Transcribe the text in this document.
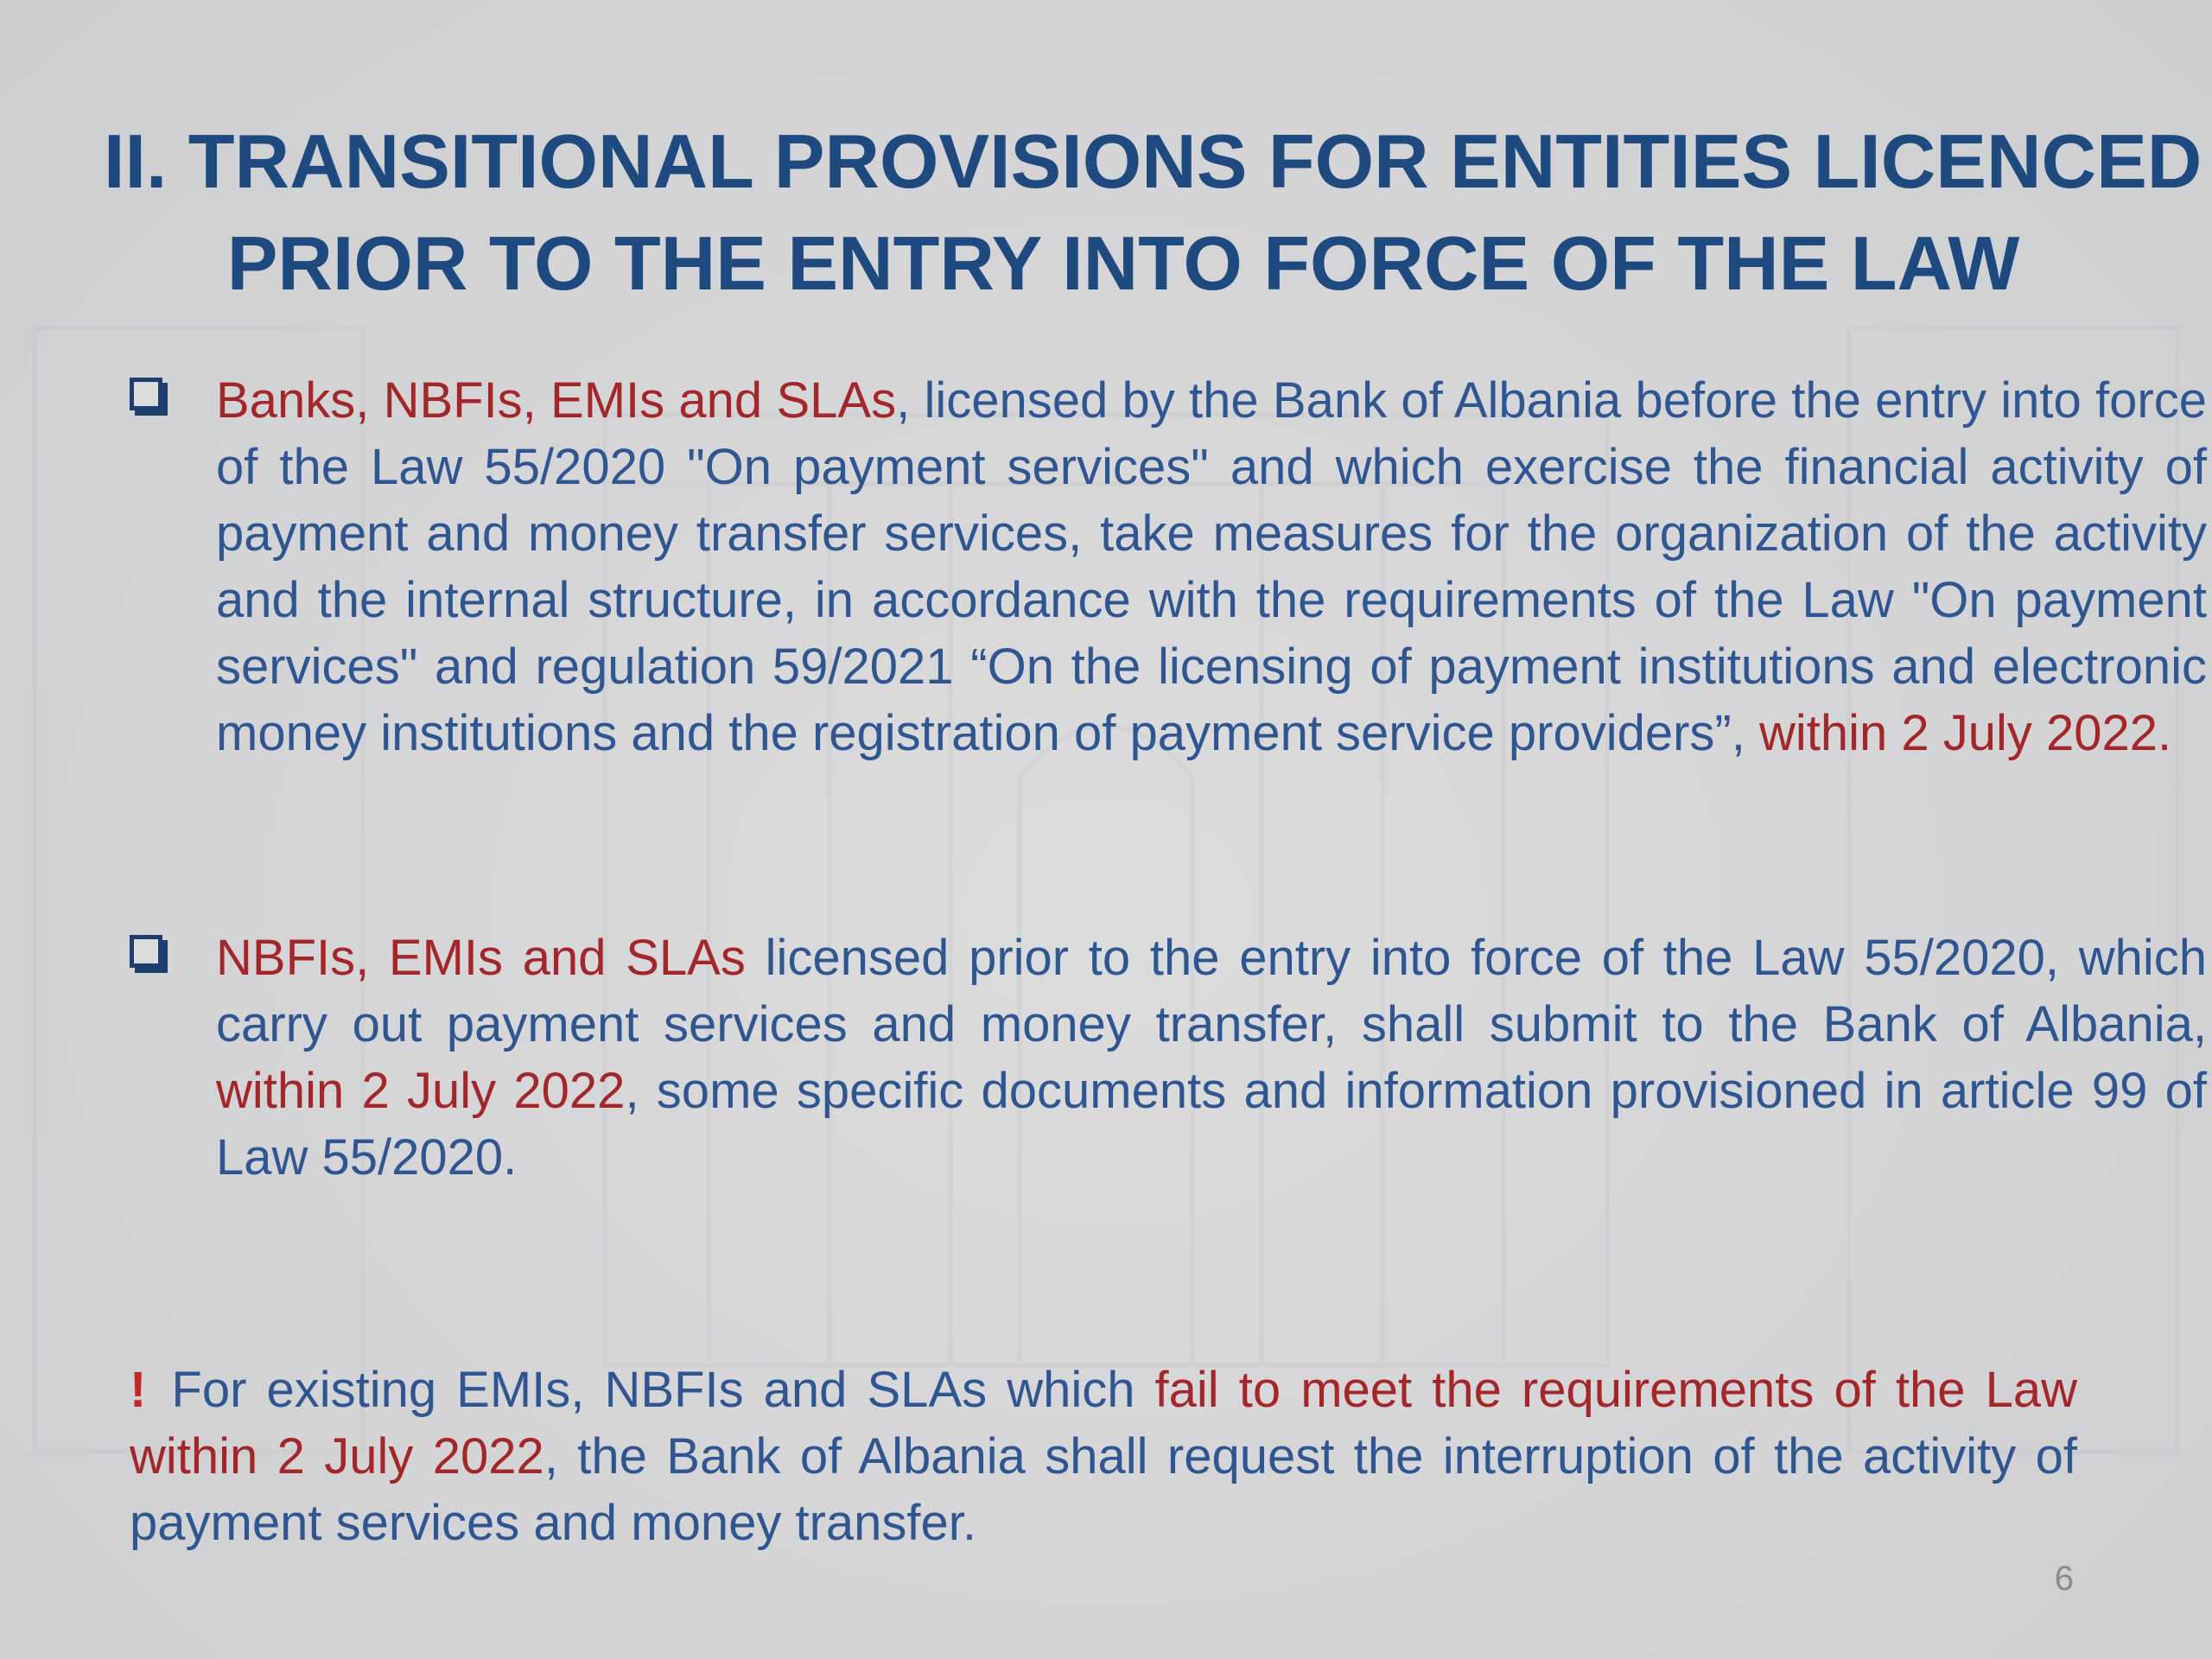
II. TRANSITIONAL PROVISIONS FOR ENTITIES LICENCED
PRIOR TO THE ENTRY INTO FORCE OF THE LAW
Banks, NBFIs, EMIs and SLAs, licensed by the Bank of Albania before the entry into force of the Law 55/2020 "On payment services" and which exercise the financial activity of payment and money transfer services, take measures for the organization of the activity and the internal structure, in accordance with the requirements of the Law "On payment services" and regulation 59/2021 “On the licensing of payment institutions and electronic money institutions and the registration of payment service providers”, within 2 July 2022.
NBFIs, EMIs and SLAs licensed prior to the entry into force of the Law 55/2020, which carry out payment services and money transfer, shall submit to the Bank of Albania, within 2 July 2022, some specific documents and information provisioned in article 99 of Law 55/2020.
! For existing EMIs, NBFIs and SLAs which fail to meet the requirements of the Law within 2 July 2022, the Bank of Albania shall request the interruption of the activity of payment services and money transfer.
6
